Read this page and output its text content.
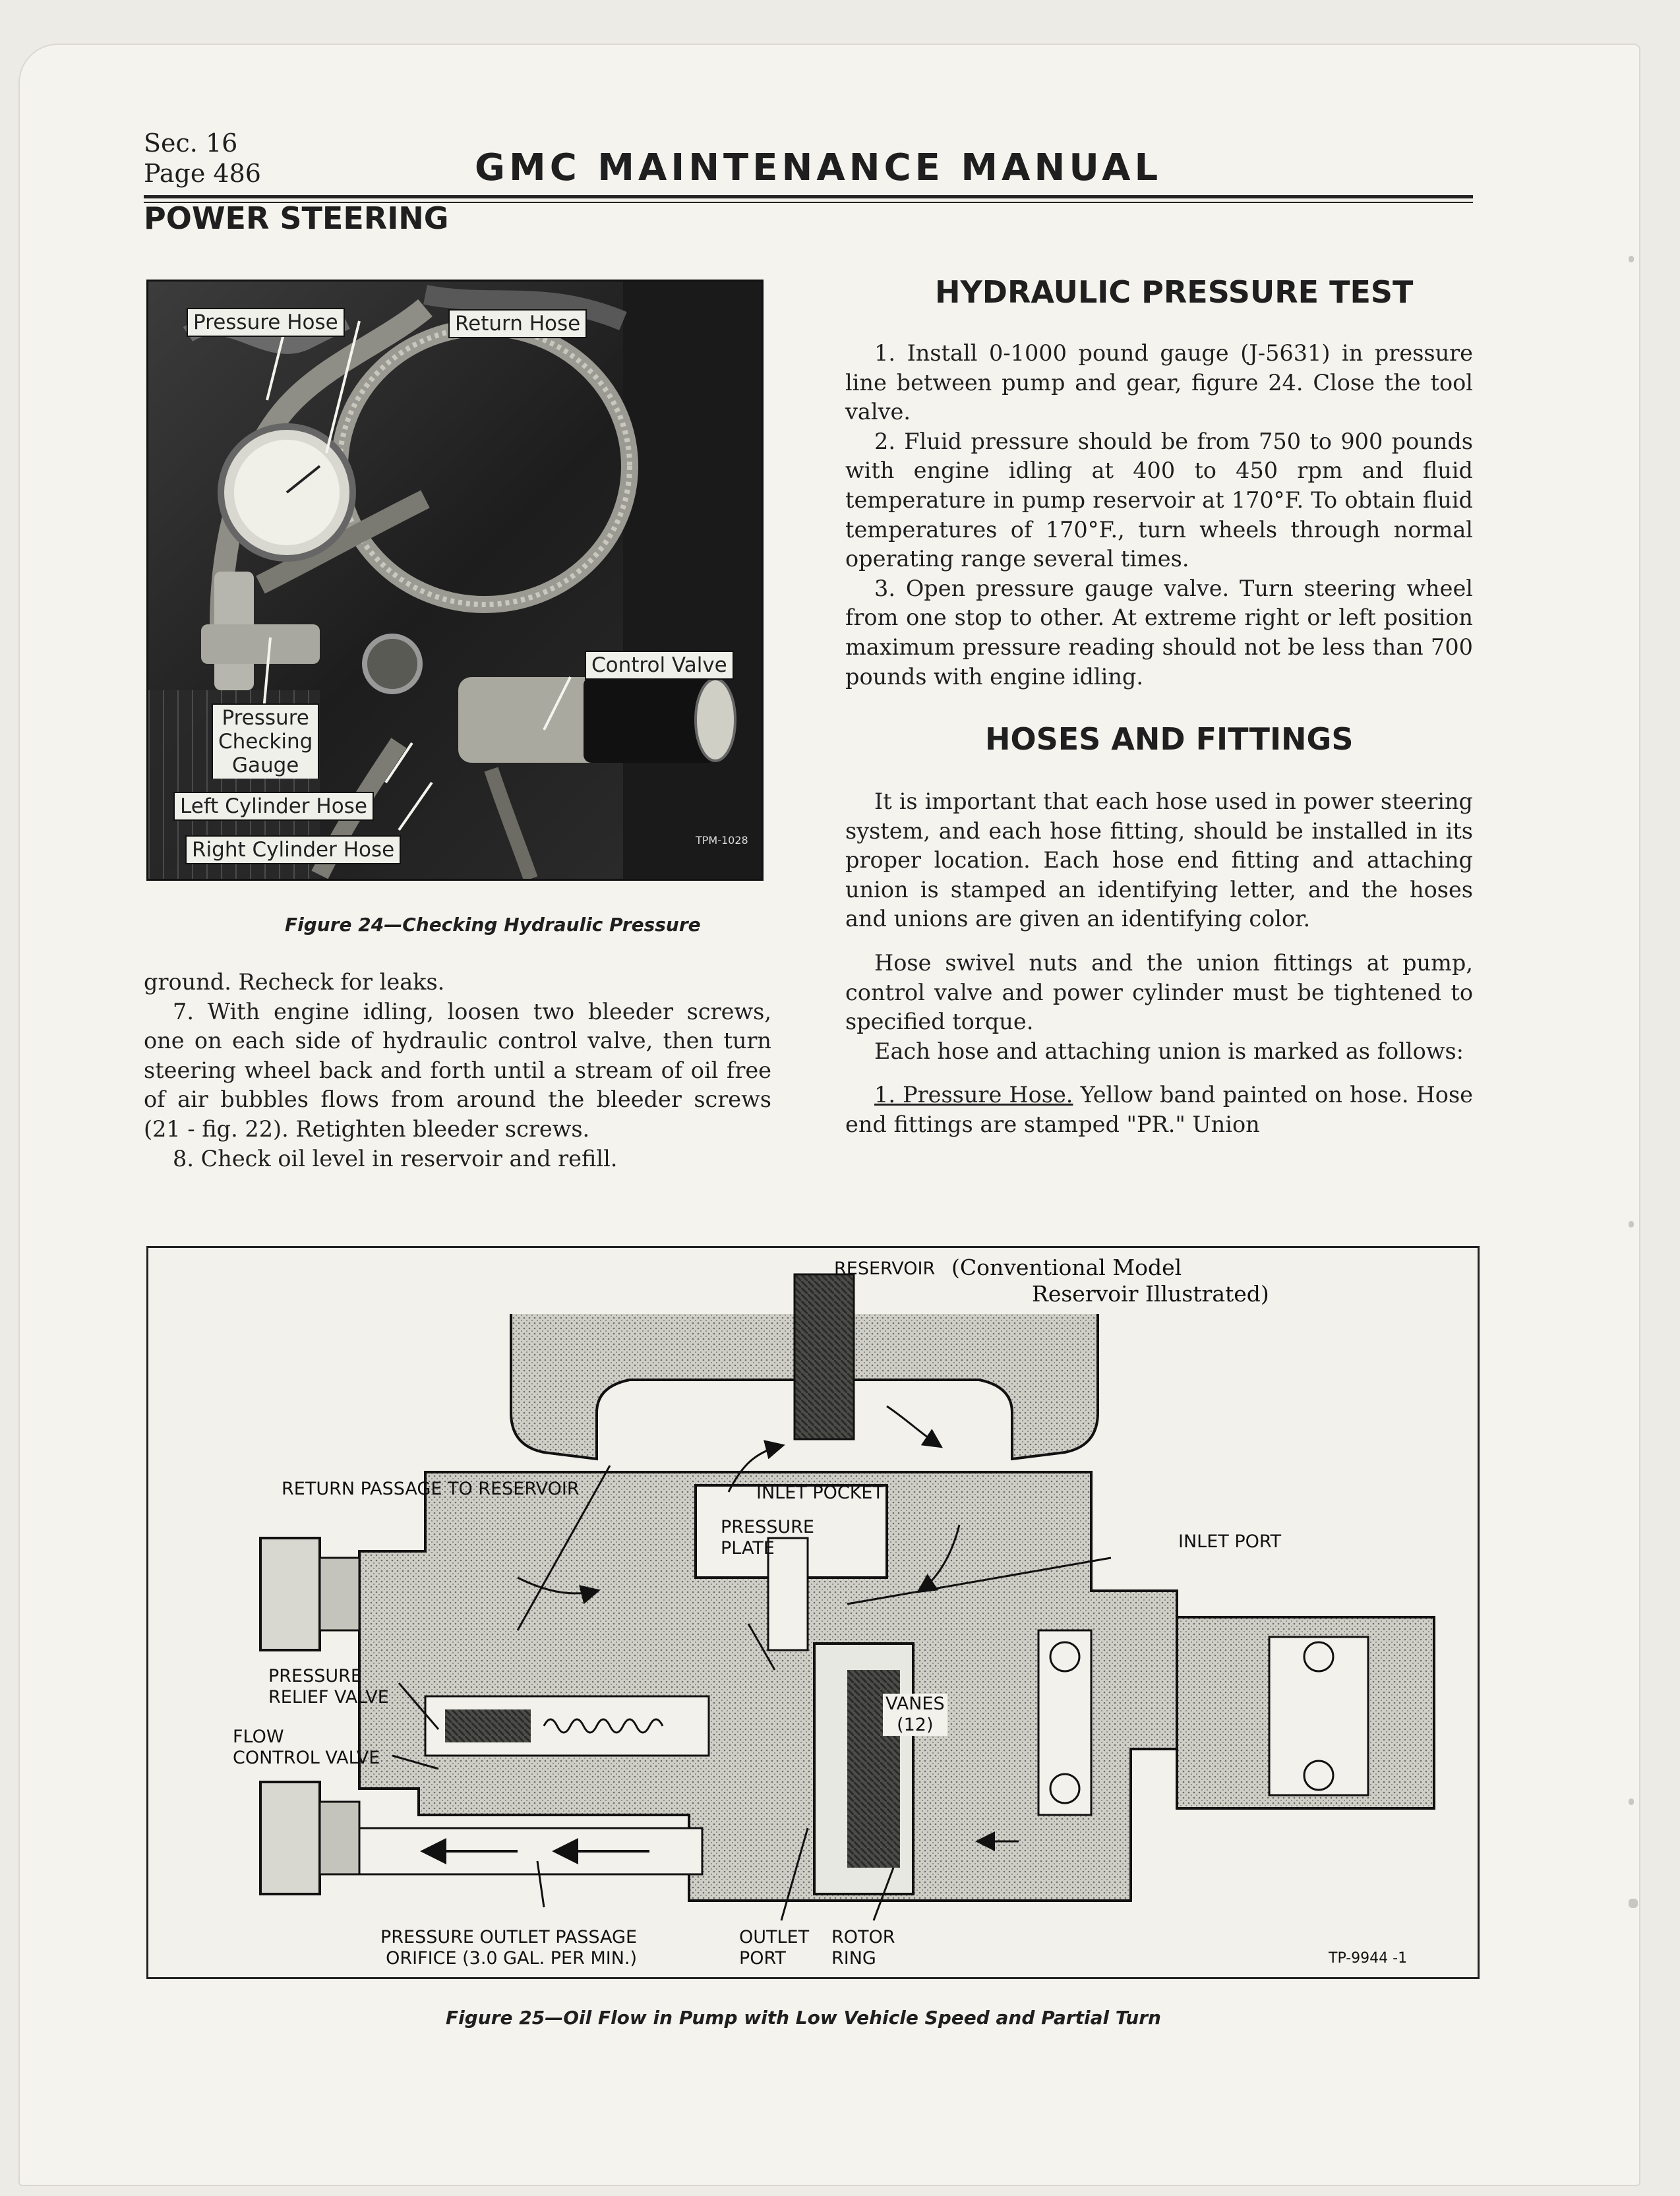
Sec. 16
Page 486	GMC MAINTENANCE MANUAL
POWER STEERING
Pressure Hose	Return Hose
Control Valve
Pressure
Checking
Gauge
Left Cylinder Hose
Right Cylinder Hose	TPM-1028
Figure 24—Checking Hydraulic Pressure

ground. Recheck for leaks.

7. With engine idling, loosen two bleeder screws, one on each side of hydraulic control valve, then turn steering wheel back and forth until a stream of oil free of air bubbles flows from around the bleeder screws (21 - fig. 22). Retighten bleeder screws.

8. Check oil level in reservoir and refill.

HYDRAULIC PRESSURE TEST

1. Install 0-1000 pound gauge (J-5631) in pressure line between pump and gear, figure 24. Close the tool valve.

2. Fluid pressure should be from 750 to 900 pounds with engine idling at 400 to 450 rpm and fluid temperature in pump reservoir at 170°F. To obtain fluid temperatures of 170°F., turn wheels through normal operating range several times.

3. Open pressure gauge valve. Turn steering wheel from one stop to other. At extreme right or left position maximum pressure reading should not be less than 700 pounds with engine idling.

HOSES AND FITTINGS

It is important that each hose used in power steering system, and each hose fitting, should be installed in its proper location. Each hose end fitting and attaching union is stamped an identifying letter, and the hoses and unions are given an identifying color.

Hose swivel nuts and the union fittings at pump, control valve and power cylinder must be tightened to specified torque.

Each hose and attaching union is marked as follows:

1. Pressure Hose. Yellow band painted on hose. Hose end fittings are stamped "PR." Union

RESERVOIR (Conventional Model
Reservoir Illustrated)
RETURN PASSAGE TO RESERVOIR	INLET POCKET
PRESSURE
PLATE	INLET PORT
PRESSURE
RELIEF VALVE
FLOW
CONTROL VALVE
VANES
(12)
PRESSURE OUTLET PASSAGE
ORIFICE (3.0 GAL. PER MIN.)
OUTLET
PORT
ROTOR
RING	TP-9944 -1
Figure 25—Oil Flow in Pump with Low Vehicle Speed and Partial Turn
